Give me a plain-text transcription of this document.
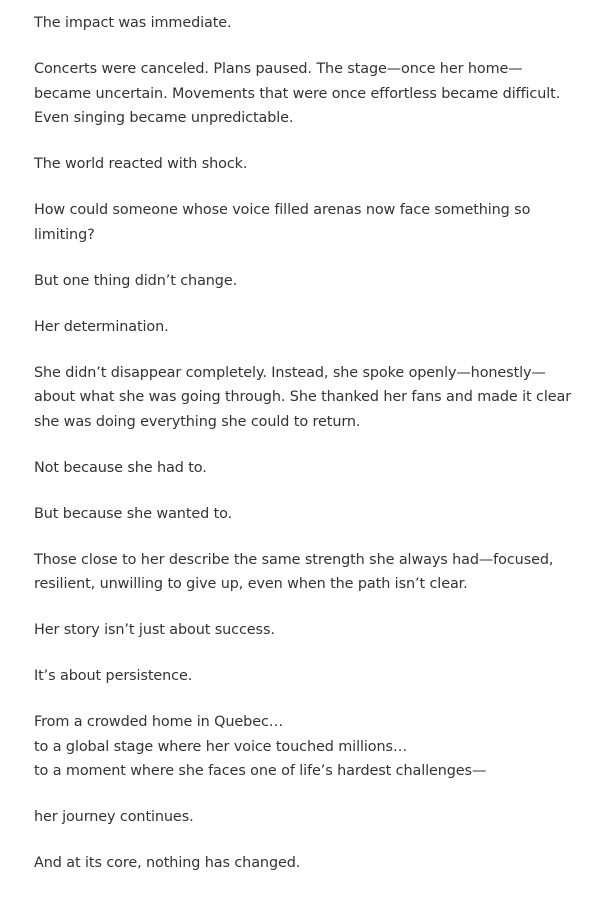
The impact was immediate.

Concerts were canceled. Plans paused. The stage—once her home—became uncertain. Movements that were once effortless became difficult. Even singing became unpredictable.

The world reacted with shock.

How could someone whose voice filled arenas now face something so limiting?

But one thing didn’t change.

Her determination.

She didn’t disappear completely. Instead, she spoke openly—honestly—about what she was going through. She thanked her fans and made it clear she was doing everything she could to return.

Not because she had to.

But because she wanted to.

Those close to her describe the same strength she always had—focused, resilient, unwilling to give up, even when the path isn’t clear.

Her story isn’t just about success.

It’s about persistence.

From a crowded home in Quebec…
to a global stage where her voice touched millions…
to a moment where she faces one of life’s hardest challenges—

her journey continues.

And at its core, nothing has changed.
